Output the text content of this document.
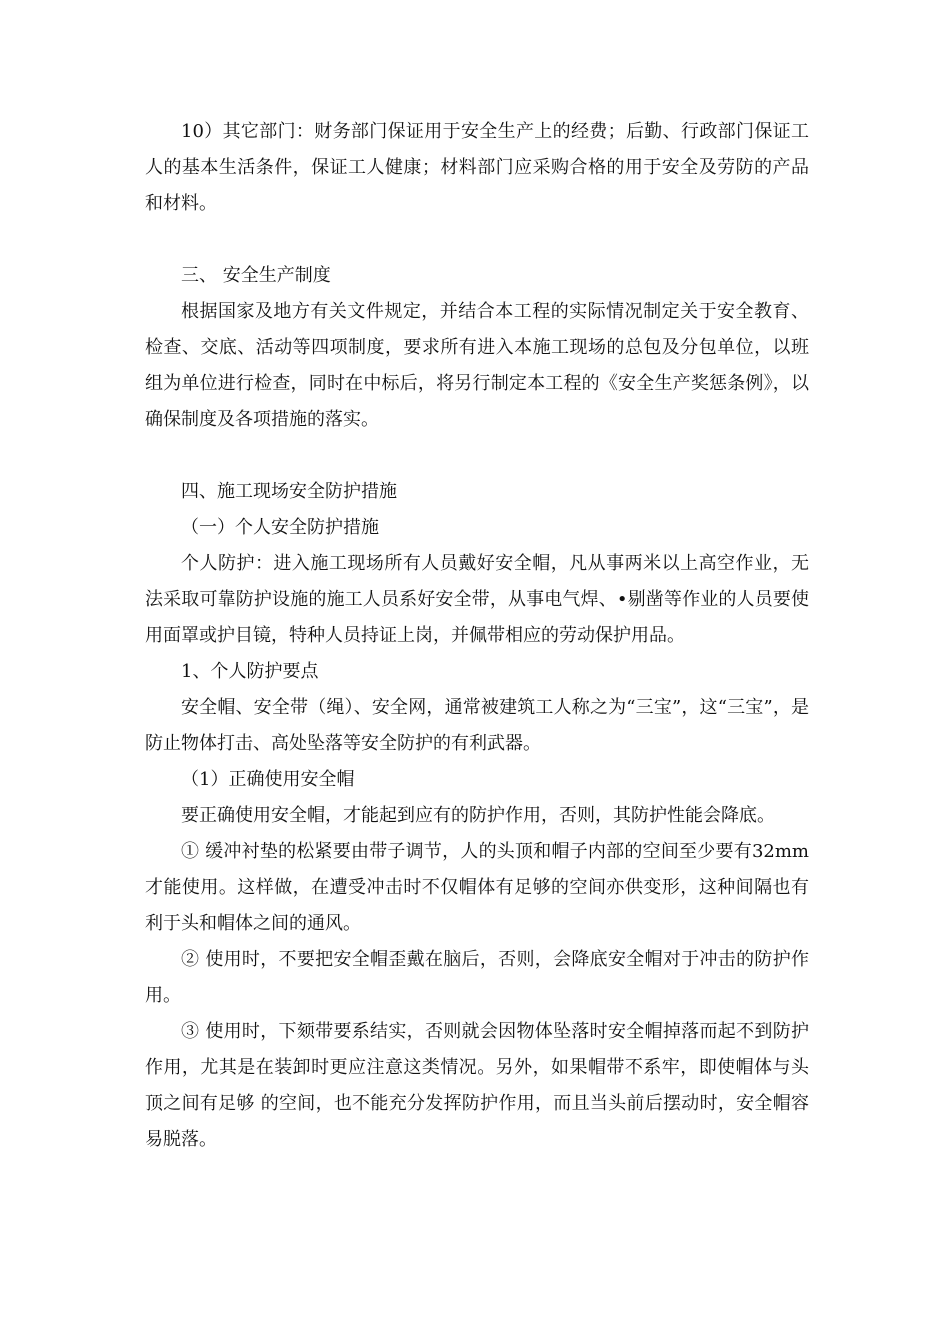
10）其它部门：财务部门保证用于安全生产上的经费；后勤、行政部门保证工人的基本生活条件，保证工人健康；材料部门应采购合格的用于安全及劳防的产品和材料。

三、 安全生产制度

根据国家及地方有关文件规定，并结合本工程的实际情况制定关于安全教育、检查、交底、活动等四项制度，要求所有进入本施工现场的总包及分包单位，以班组为单位进行检查，同时在中标后，将另行制定本工程的《安全生产奖惩条例》，以确保制度及各项措施的落实。

四、施工现场安全防护措施

（一）个人安全防护措施

个人防护：进入施工现场所有人员戴好安全帽，凡从事两米以上高空作业，无法采取可靠防护设施的施工人员系好安全带，从事电气焊、•剔凿等作业的人员要使用面罩或护目镜，特种人员持证上岗，并佩带相应的劳动保护用品。

1、个人防护要点

安全帽、安全带（绳）、安全网，通常被建筑工人称之为“三宝”，这“三宝”，是防止物体打击、高处坠落等安全防护的有利武器。

（1）正确使用安全帽

要正确使用安全帽，才能起到应有的防护作用，否则，其防护性能会降底。

① 缓冲衬垫的松紧要由带子调节，人的头顶和帽子内部的空间至少要有32mm才能使用。这样做，在遭受冲击时不仅帽体有足够的空间亦供变形，这种间隔也有利于头和帽体之间的通风。

② 使用时，不要把安全帽歪戴在脑后，否则，会降底安全帽对于冲击的防护作用。

③ 使用时，下颏带要系结实，否则就会因物体坠落时安全帽掉落而起不到防护作用，尤其是在装卸时更应注意这类情况。另外，如果帽带不系牢，即使帽体与头顶之间有足够 的空间，也不能充分发挥防护作用，而且当头前后摆动时，安全帽容易脱落。
